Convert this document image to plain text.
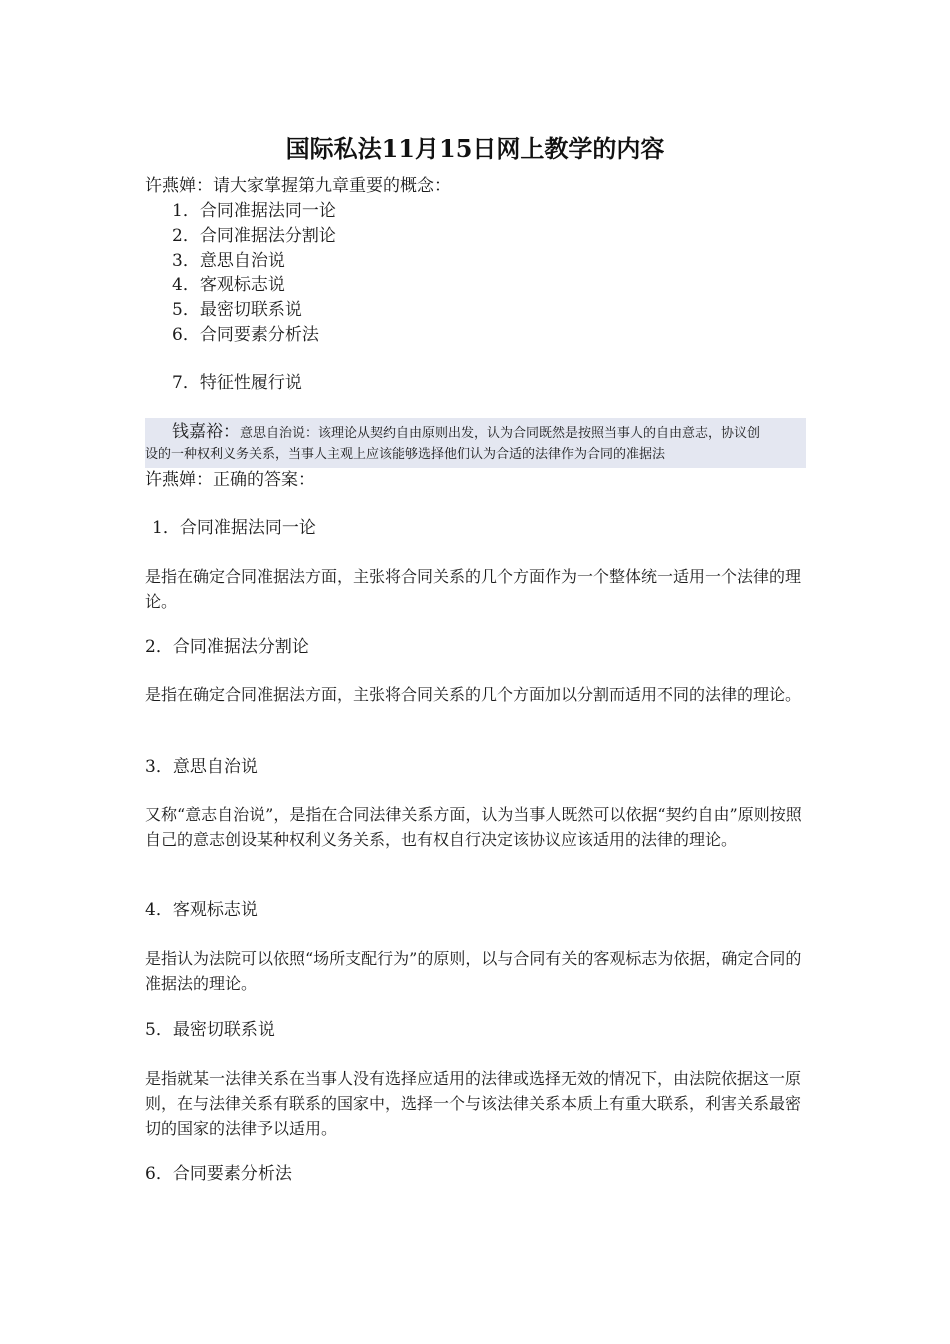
国际私法11月15日网上教学的内容
许燕婵：请大家掌握第九章重要的概念：
1．合同准据法同一论
2．合同准据法分割论
3．意思自治说
4．客观标志说
5．最密切联系说
6．合同要素分析法
7．特征性履行说
钱嘉裕：意思自治说：该理论从契约自由原则出发，认为合同既然是按照当事人的自由意志，协议创
设的一种权利义务关系，当事人主观上应该能够选择他们认为合适的法律作为合同的准据法
许燕婵：正确的答案：
1．合同准据法同一论
是指在确定合同准据法方面，主张将合同关系的几个方面作为一个整体统一适用一个法律的理论。
2．合同准据法分割论
是指在确定合同准据法方面，主张将合同关系的几个方面加以分割而适用不同的法律的理论。
3．意思自治说
又称“意志自治说”，是指在合同法律关系方面，认为当事人既然可以依据“契约自由”原则按照自己的意志创设某种权利义务关系，也有权自行决定该协议应该适用的法律的理论。
4．客观标志说
是指认为法院可以依照“场所支配行为”的原则，以与合同有关的客观标志为依据，确定合同的准据法的理论。
5．最密切联系说
是指就某一法律关系在当事人没有选择应适用的法律或选择无效的情况下，由法院依据这一原则，在与法律关系有联系的国家中，选择一个与该法律关系本质上有重大联系，利害关系最密切的国家的法律予以适用。
6．合同要素分析法
